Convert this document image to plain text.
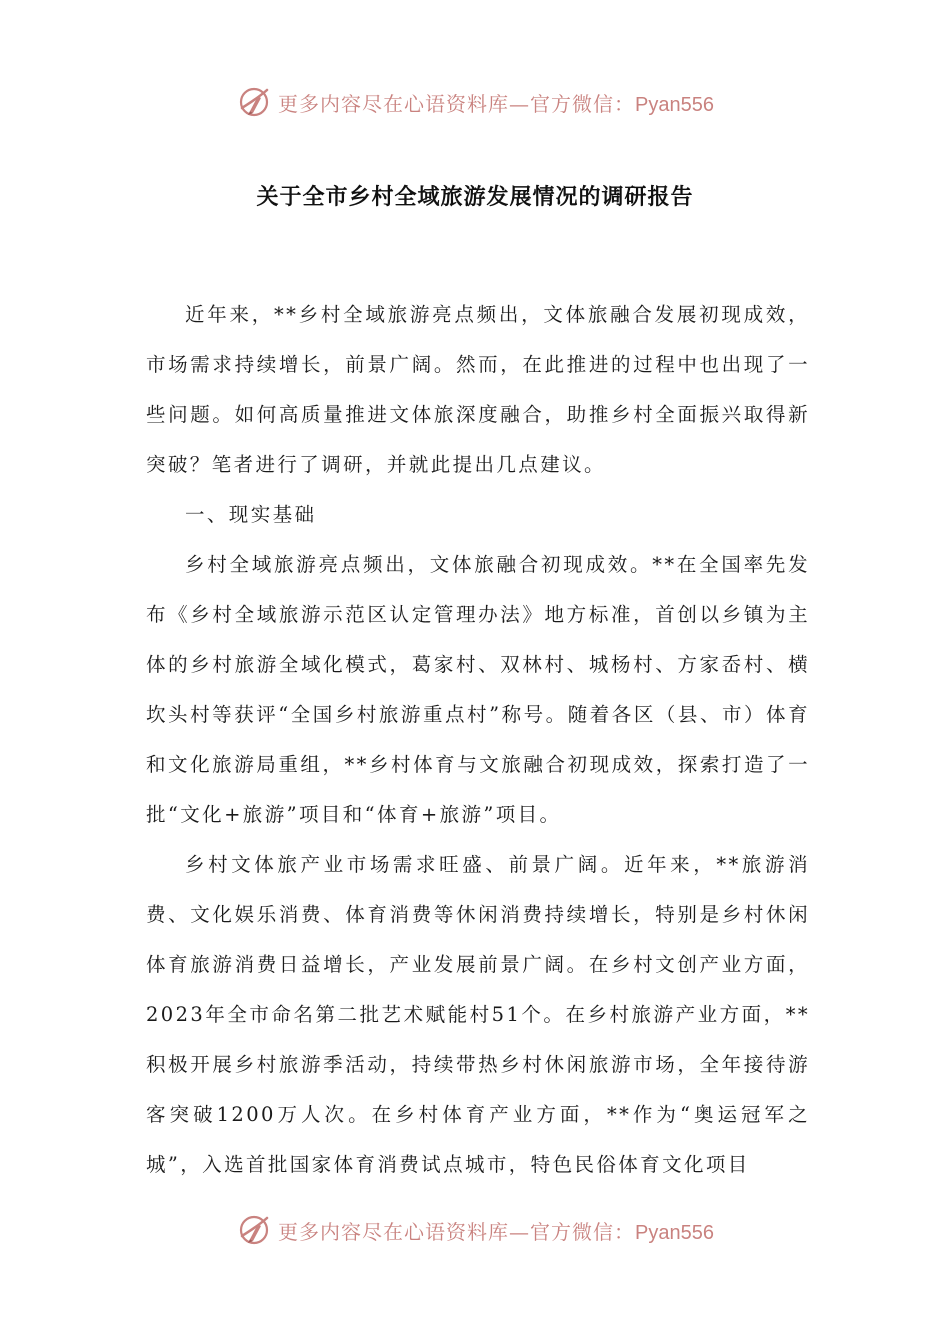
更多内容尽在心语资料库—官方微信：Pyan556
关于全市乡村全域旅游发展情况的调研报告

近年来，**乡村全域旅游亮点频出，文体旅融合发展初现成效，市场需求持续增长，前景广阔。然而，在此推进的过程中也出现了一些问题。如何高质量推进文体旅深度融合，助推乡村全面振兴取得新突破？笔者进行了调研，并就此提出几点建议。

一、现实基础

乡村全域旅游亮点频出，文体旅融合初现成效。**在全国率先发布《乡村全域旅游示范区认定管理办法》地方标准，首创以乡镇为主体的乡村旅游全域化模式，葛家村、双林村、城杨村、方家岙村、横坎头村等获评“全国乡村旅游重点村”称号。随着各区（县、市）体育和文化旅游局重组，**乡村体育与文旅融合初现成效，探索打造了一批“文化+旅游”项目和“体育+旅游”项目。

乡村文体旅产业市场需求旺盛、前景广阔。近年来，**旅游消费、文化娱乐消费、体育消费等休闲消费持续增长，特别是乡村休闲体育旅游消费日益增长，产业发展前景广阔。在乡村文创产业方面，2023年全市命名第二批艺术赋能村51个。在乡村旅游产业方面，**积极开展乡村旅游季活动，持续带热乡村休闲旅游市场，全年接待游客突破1200万人次。在乡村体育产业方面，**作为“奥运冠军之城”，入选首批国家体育消费试点城市，特色民俗体育文化项目

更多内容尽在心语资料库—官方微信：Pyan556
